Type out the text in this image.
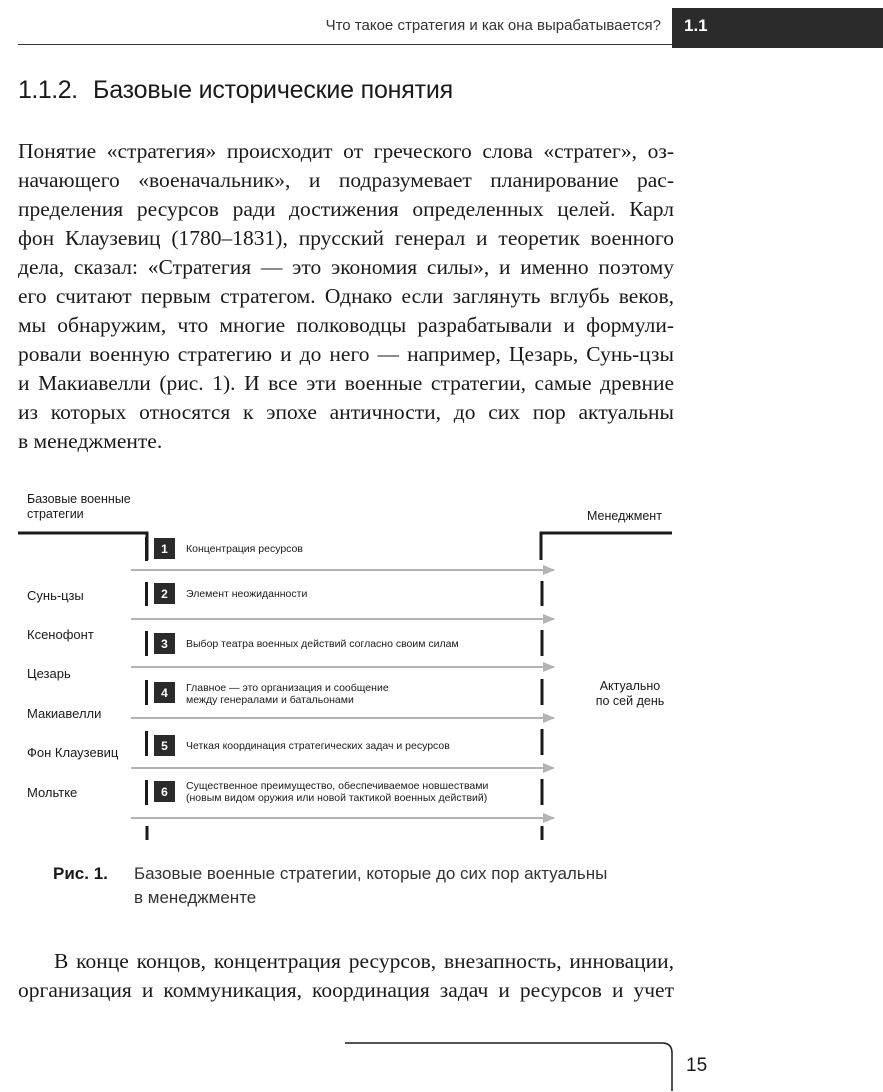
Что такое стратегия и как она вырабатывается? 1.1
1.1.2. Базовые исторические понятия
Понятие «стратегия» происходит от греческого слова «стратег», оз-
начающего «военачальник», и подразумевает планирование рас-
пределения ресурсов ради достижения определенных целей. Карл
фон Клаузевиц (1780–1831), прусский генерал и теоретик военного
дела, сказал: «Стратегия — это экономия силы», и именно поэтому
его считают первым стратегом. Однако если заглянуть вглубь веков,
мы обнаружим, что многие полководцы разрабатывали и формули-
ровали военную стратегию и до него — например, Цезарь, Сунь-цзы
и Макиавелли (рис. 1). И все эти военные стратегии, самые древние
из которых относятся к эпохе античности, до сих пор актуальны
в менеджменте.
Базовые военные
стратегии	Менеджмент
Сунь-цзы
Ксенофонт
Цезарь
Макиавелли
Фон Клаузевиц
Мольтке
Актуально
по сей день
1	Концентрация ресурсов
2	Элемент неожиданности
3	Выбор театра военных действий согласно своим силам
4	Главное — это организация и сообщение
между генералами и батальонами
5	Четкая координация стратегических задач и ресурсов
6	Существенное преимущество, обеспечиваемое новшествами
(новым видом оружия или новой тактикой военных действий)
Рис. 1. Базовые военные стратегии, которые до сих пор актуальны
в менеджменте
В конце концов, концентрация ресурсов, внезапность, инновации,
организация и коммуникация, координация задач и ресурсов и учет
15
